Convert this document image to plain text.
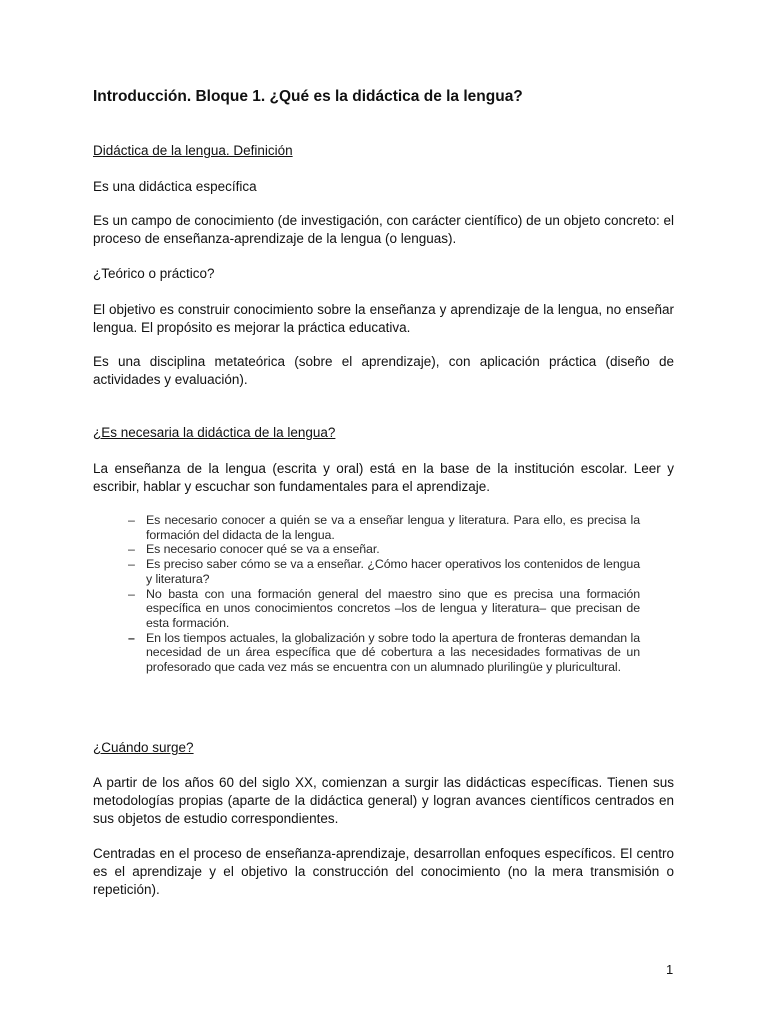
Introducción. Bloque 1. ¿Qué es la didáctica de la lengua?

Didáctica de la lengua. Definición

Es una didáctica específica

Es un campo de conocimiento (de investigación, con carácter científico) de un objeto concreto: el proceso de enseñanza-aprendizaje de la lengua (o lenguas).

¿Teórico o práctico?

El objetivo es construir conocimiento sobre la enseñanza y aprendizaje de la lengua, no enseñar lengua. El propósito es mejorar la práctica educativa.

Es una disciplina metateórica (sobre el aprendizaje), con aplicación práctica (diseño de actividades y evaluación).

¿Es necesaria la didáctica de la lengua?

La enseñanza de la lengua (escrita y oral) está en la base de la institución escolar. Leer y escribir, hablar y escuchar son fundamentales para el aprendizaje.

– Es necesario conocer a quién se va a enseñar lengua y literatura. Para ello, es precisa la formación del didacta de la lengua.
– Es necesario conocer qué se va a enseñar.
– Es preciso saber cómo se va a enseñar. ¿Cómo hacer operativos los contenidos de lengua y literatura?
– No basta con una formación general del maestro sino que es precisa una formación específica en unos conocimientos concretos –los de lengua y literatura– que precisan de esta formación.
– En los tiempos actuales, la globalización y sobre todo la apertura de fronteras demandan la necesidad de un área específica que dé cobertura a las necesidades formativas de un profesorado que cada vez más se encuentra con un alumnado plurilingüe y pluricultural.

¿Cuándo surge?

A partir de los años 60 del siglo XX, comienzan a surgir las didácticas específicas. Tienen sus metodologías propias (aparte de la didáctica general) y logran avances científicos centrados en sus objetos de estudio correspondientes.

Centradas en el proceso de enseñanza-aprendizaje, desarrollan enfoques específicos. El centro es el aprendizaje y el objetivo la construcción del conocimiento (no la mera transmisión o repetición).

1
